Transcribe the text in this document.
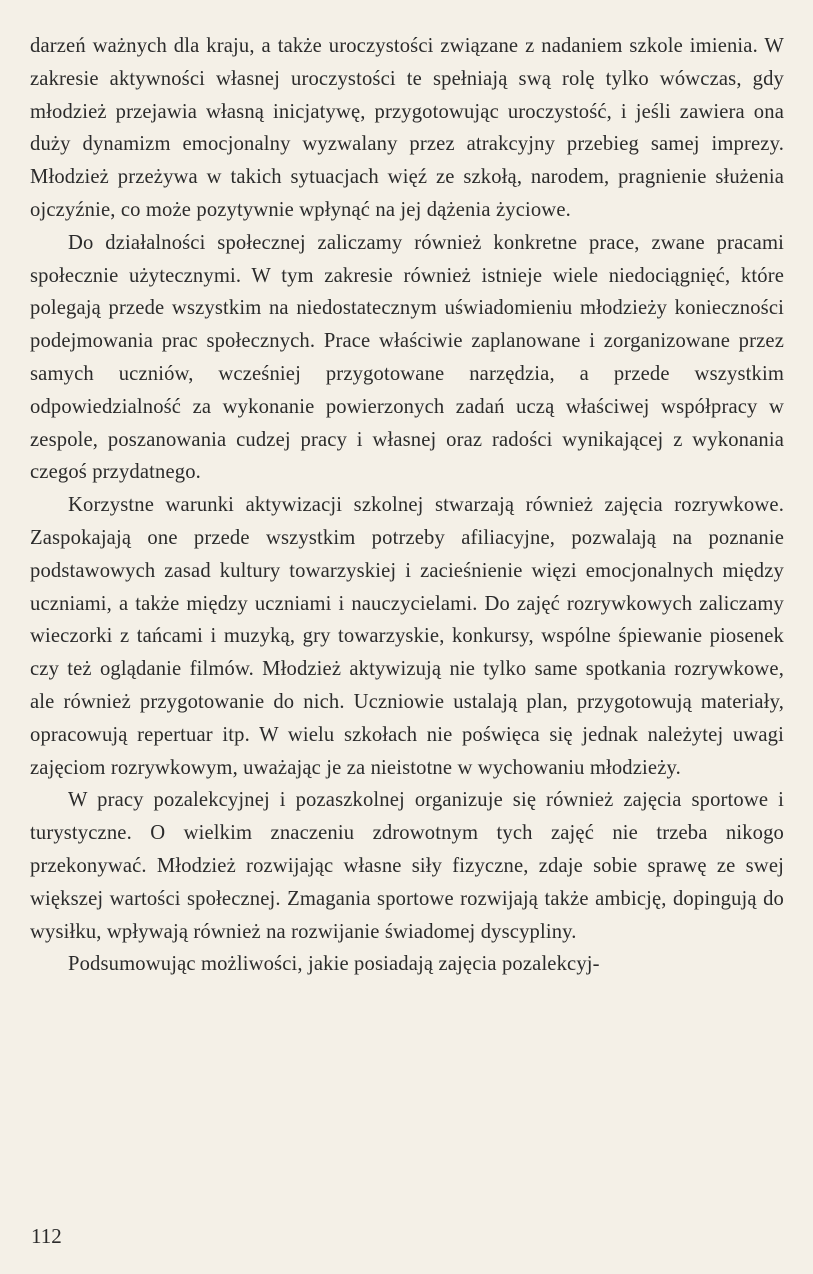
darzeń ważnych dla kraju, a także uroczystości związane z nadaniem szkole imienia. W zakresie aktywności własnej uroczystości te spełniają swą rolę tylko wówczas, gdy młodzież przejawia własną inicjatywę, przygotowując uroczystość, i jeśli zawiera ona duży dynamizm emocjonalny wyzwalany przez atrakcyjny przebieg samej imprezy. Młodzież przeżywa w takich sytuacjach więź ze szkołą, narodem, pragnienie służenia ojczyźnie, co może pozytywnie wpłynąć na jej dążenia życiowe.

Do działalności społecznej zaliczamy również konkretne prace, zwane pracami społecznie użytecznymi. W tym zakresie również istnieje wiele niedociągnięć, które polegają przede wszystkim na niedostatecznym uświadomieniu młodzieży konieczności podejmowania prac społecznych. Prace właściwie zaplanowane i zorganizowane przez samych uczniów, wcześniej przygotowane narzędzia, a przede wszystkim odpowiedzialność za wykonanie powierzonych zadań uczą właściwej współpracy w zespole, poszanowania cudzej pracy i własnej oraz radości wynikającej z wykonania czegoś przydatnego.

Korzystne warunki aktywizacji szkolnej stwarzają również zajęcia rozrywkowe. Zaspokajają one przede wszystkim potrzeby afiliacyjne, pozwalają na poznanie podstawowych zasad kultury towarzyskiej i zacieśnienie więzi emocjonalnych między uczniami, a także między uczniami i nauczycielami. Do zajęć rozrywkowych zaliczamy wieczorki z tańcami i muzyką, gry towarzyskie, konkursy, wspólne śpiewanie piosenek czy też oglądanie filmów. Młodzież aktywizują nie tylko same spotkania rozrywkowe, ale również przygotowanie do nich. Uczniowie ustalają plan, przygotowują materiały, opracowują repertuar itp. W wielu szkołach nie poświęca się jednak należytej uwagi zajęciom rozrywkowym, uważając je za nieistotne w wychowaniu młodzieży.

W pracy pozalekcyjnej i pozaszkolnej organizuje się również zajęcia sportowe i turystyczne. O wielkim znaczeniu zdrowotnym tych zajęć nie trzeba nikogo przekonywać. Młodzież rozwijając własne siły fizyczne, zdaje sobie sprawę ze swej większej wartości społecznej. Zmagania sportowe rozwijają także ambicję, dopingują do wysiłku, wpływają również na rozwijanie świadomej dyscypliny.

Podsumowując możliwości, jakie posiadają zajęcia pozalekcyj-

112
